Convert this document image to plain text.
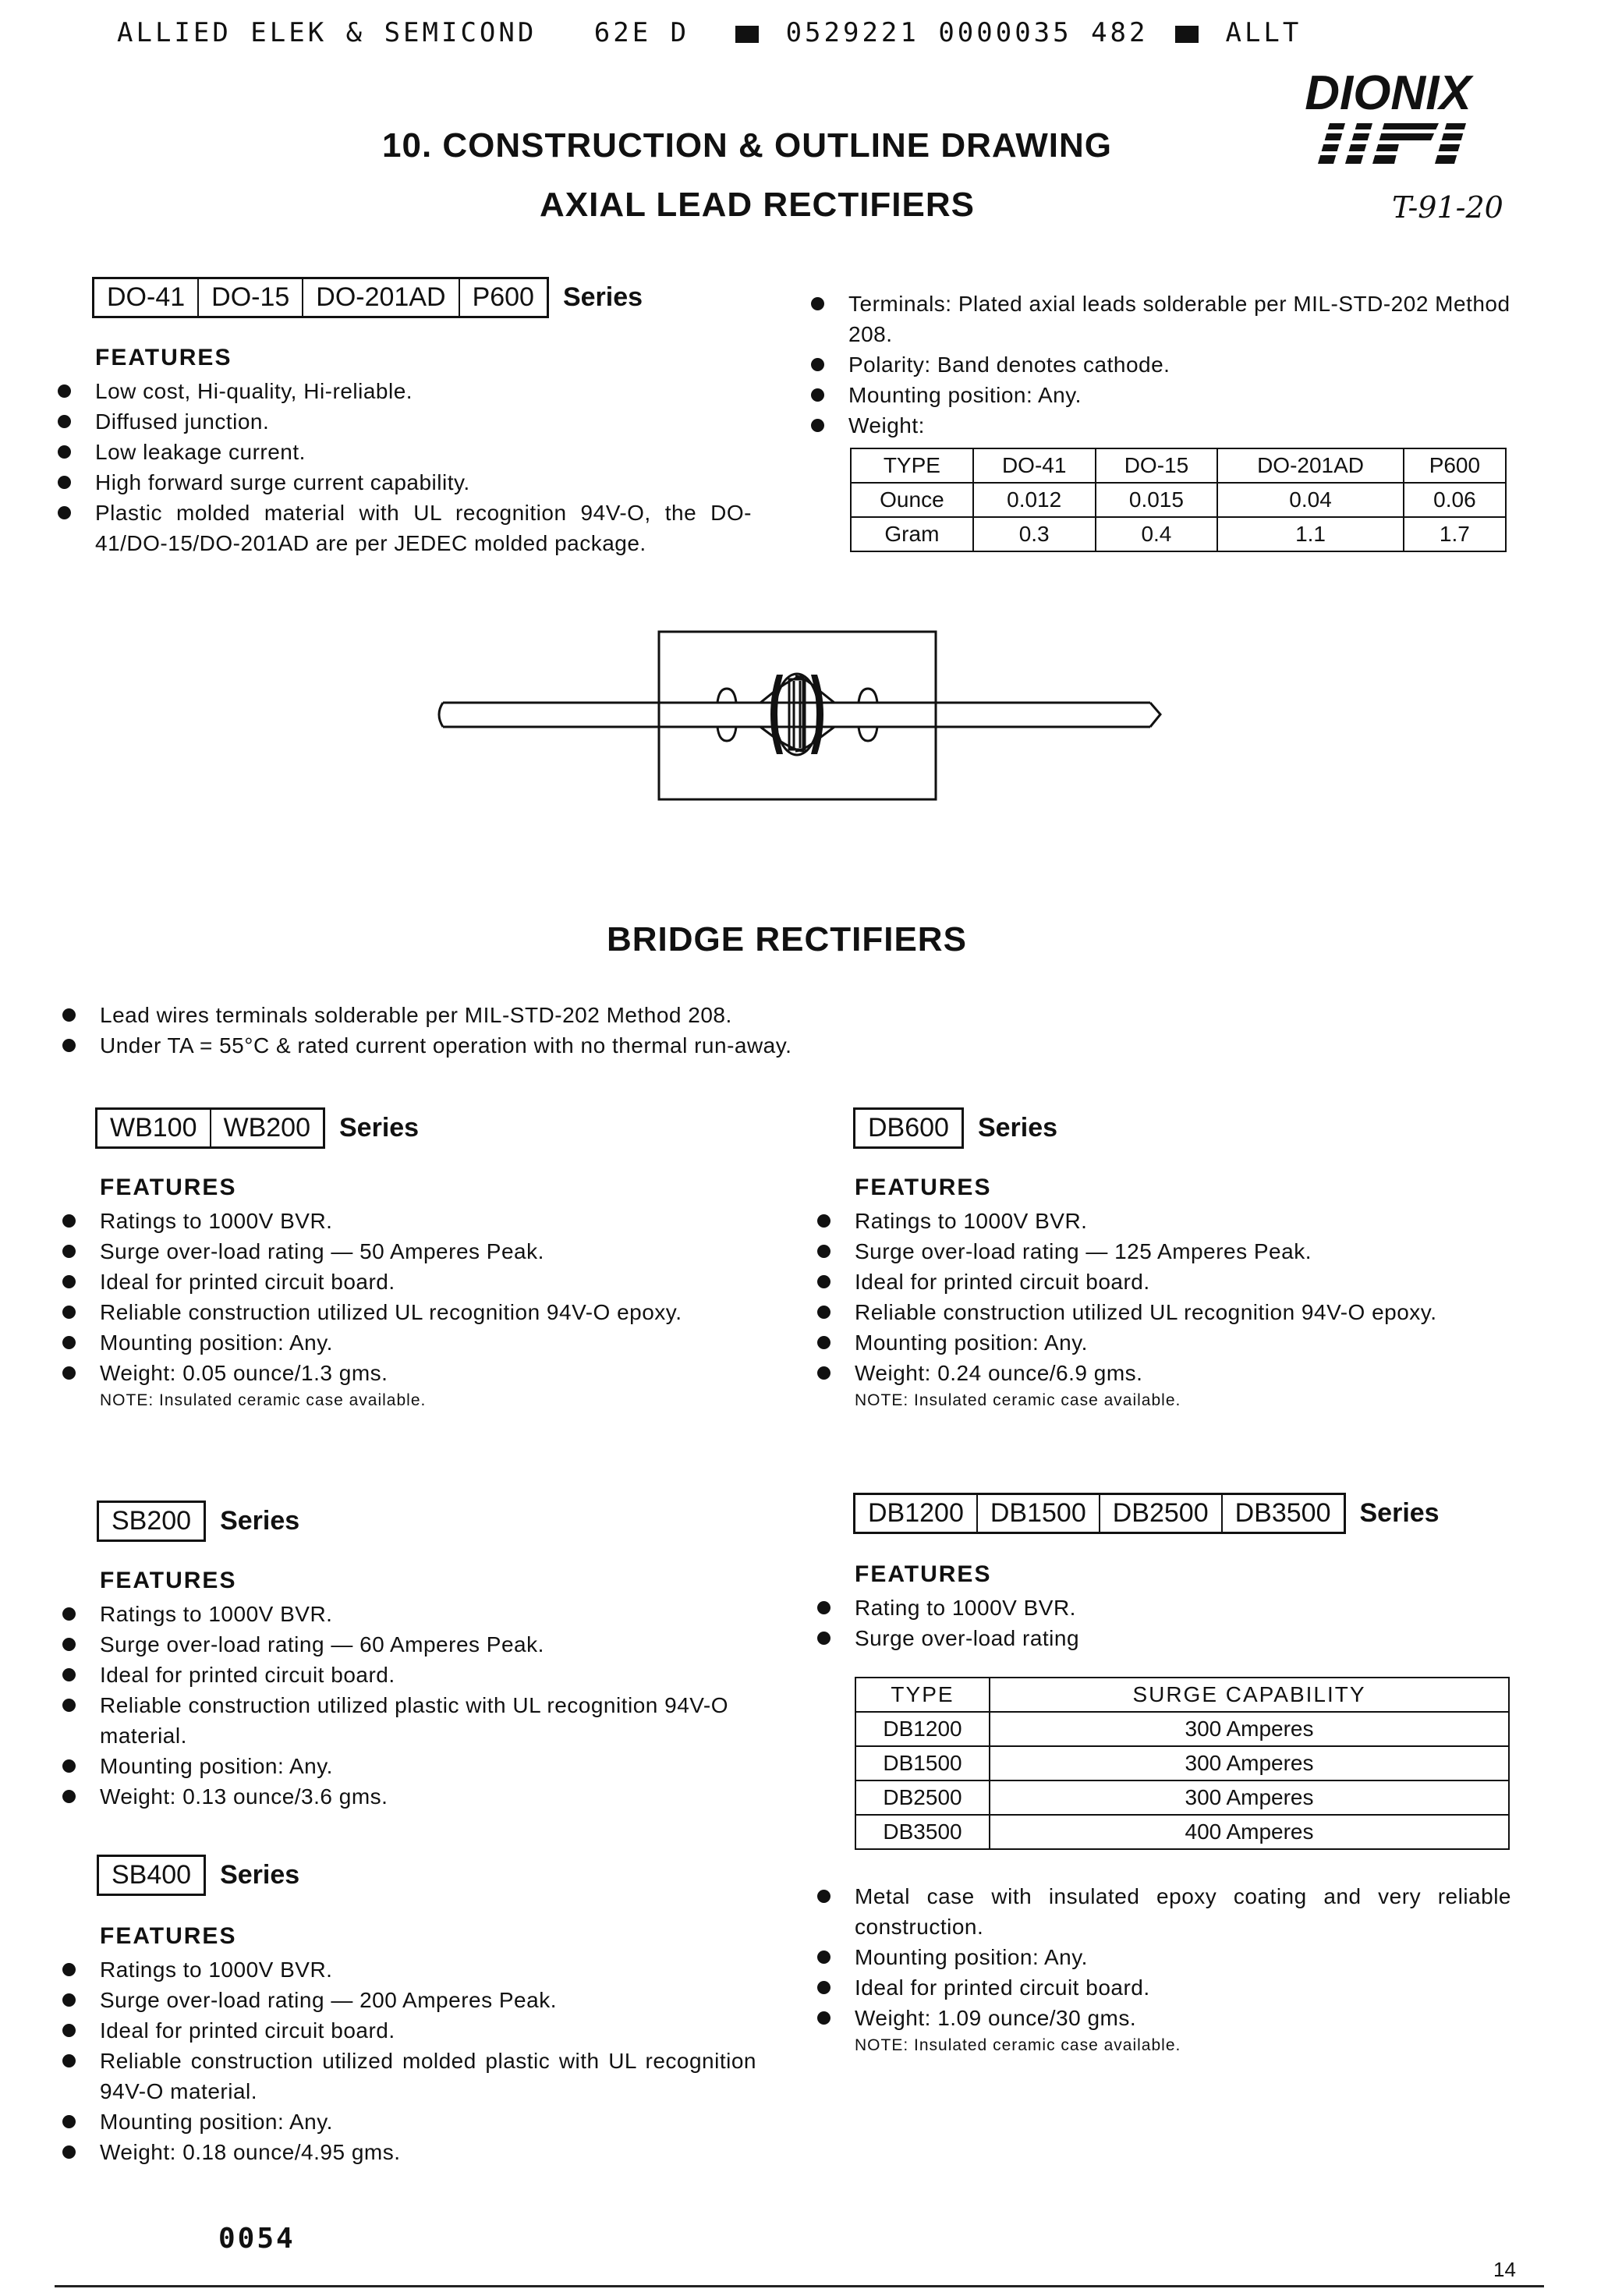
ALLIED ELEK & SEMICOND 62E D	0529221 0000035 482	ALLT
DIONIX
10. CONSTRUCTION & OUTLINE DRAWING
AXIAL LEAD RECTIFIERS	T-91-20
DO-41	DO-15	DO-201AD	P600	Series
FEATURES
Low cost, Hi-quality, Hi-reliable.
Diffused junction.
Low leakage current.
High forward surge current capability.
Plastic molded material with UL recognition 94V-O, the DO-41/DO-15/DO-201AD are per JEDEC molded package.
Terminals: Plated axial leads solderable per MIL-STD-202 Method 208.
Polarity: Band denotes cathode.
Mounting position: Any.
Weight:
TYPE	DO-41	DO-15	DO-201AD	P600
Ounce	0.012	0.015	0.04	0.06
Gram	0.3	0.4	1.1	1.7
BRIDGE RECTIFIERS
Lead wires terminals solderable per MIL-STD-202 Method 208.
Under TA = 55°C & rated current operation with no thermal run-away.
WB100	WB200	Series
FEATURES
Ratings to 1000V BVR.
Surge over-load rating — 50 Amperes Peak.
Ideal for printed circuit board.
Reliable construction utilized UL recognition 94V-O epoxy.
Mounting position: Any.
Weight: 0.05 ounce/1.3 gms.
NOTE: Insulated ceramic case available.
DB600	Series
FEATURES
Ratings to 1000V BVR.
Surge over-load rating — 125 Amperes Peak.
Ideal for printed circuit board.
Reliable construction utilized UL recognition 94V-O epoxy.
Mounting position: Any.
Weight: 0.24 ounce/6.9 gms.
NOTE: Insulated ceramic case available.
SB200	Series
FEATURES
Ratings to 1000V BVR.
Surge over-load rating — 60 Amperes Peak.
Ideal for printed circuit board.
Reliable construction utilized plastic with UL recognition 94V-O material.
Mounting position: Any.
Weight: 0.13 ounce/3.6 gms.
SB400	Series
FEATURES
Ratings to 1000V BVR.
Surge over-load rating — 200 Amperes Peak.
Ideal for printed circuit board.
Reliable construction utilized molded plastic with UL recognition 94V-O material.
Mounting position: Any.
Weight: 0.18 ounce/4.95 gms.
DB1200	DB1500	DB2500	DB3500	Series
FEATURES
Rating to 1000V BVR.
Surge over-load rating
TYPE	SURGE CAPABILITY
DB1200	300 Amperes
DB1500	300 Amperes
DB2500	300 Amperes
DB3500	400 Amperes
Metal case with insulated epoxy coating and very reliable construction.
Mounting position: Any.
Ideal for printed circuit board.
Weight: 1.09 ounce/30 gms.
NOTE: Insulated ceramic case available.
0054
14
